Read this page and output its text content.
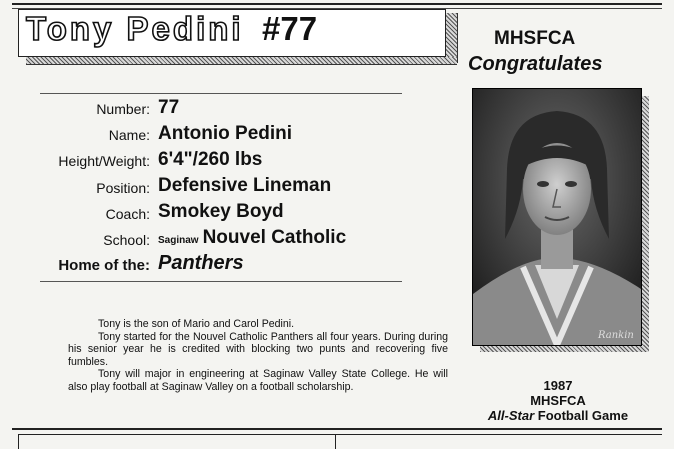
Tony Pedini #77	MHSFCA
Congratulates
Number: 77
Name: Antonio Pedini
Height/Weight: 6'4"/260 lbs
Position: Defensive Lineman
Coach: Smokey Boyd
School: Saginaw Nouvel Catholic
Home of the: Panthers

Tony is the son of Mario and Carol Pedini.

Tony started for the Nouvel Catholic Panthers all four years. During during his senior year he is credited with blocking two punts and recovering five fumbles.

Tony will major in engineering at Saginaw Valley State College. He will also play football at Saginaw Valley on a football scholarship.

Rankin
1987
MHSFCA
All-Star Football Game
